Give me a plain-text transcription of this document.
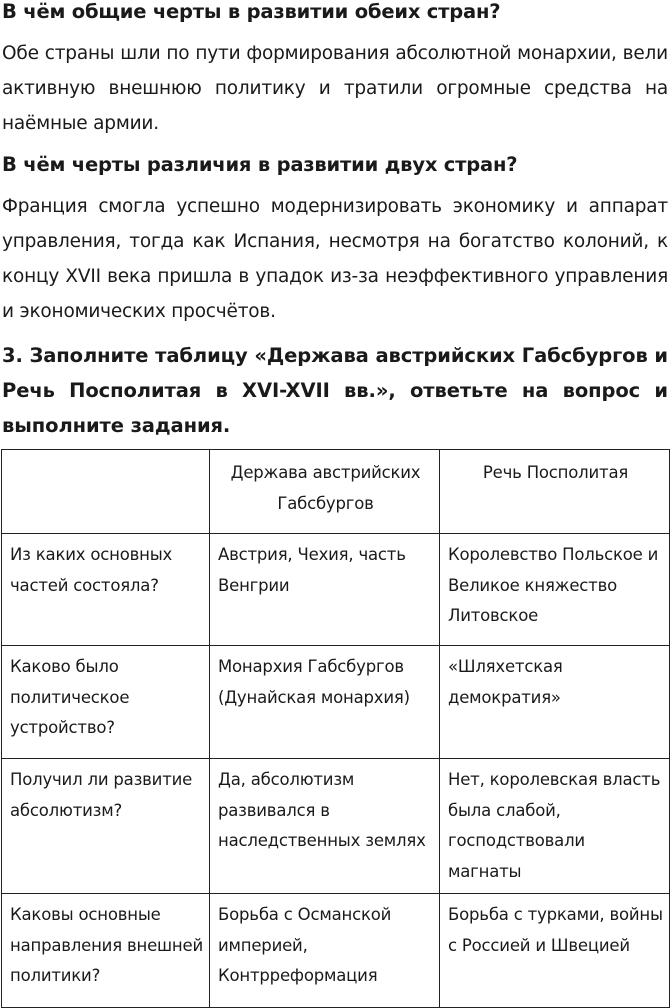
В чём общие черты в развитии обеих стран?

Обе страны шли по пути формирования абсолютной монархии, вели активную внешнюю политику и тратили огромные средства на наёмные армии.

В чём черты различия в развитии двух стран?

Франция смогла успешно модернизировать экономику и аппарат управления, тогда как Испания, несмотря на богатство колоний, к концу XVII века пришла в упадок из-за неэффективного управления и экономических просчётов.

3. Заполните таблицу «Держава австрийских Габсбургов и Речь Посполитая в XVI-XVII вв.», ответьте на вопрос и выполните задания.

	Держава австрийских Габсбургов	Речь Посполитая
Из каких основных частей состояла?	Австрия, Чехия, часть Венгрии	Королевство Польское и Великое княжество Литовское
Каково было политическое устройство?	Монархия Габсбургов (Дунайская монархия)	«Шляхетская демократия»
Получил ли развитие абсолютизм?	Да, абсолютизм развивался в наследственных землях	Нет, королевская власть была слабой, господствовали магнаты
Каковы основные направления внешней политики?	Борьба с Османской империей, Контрреформация	Борьба с турками, войны с Россией и Швецией
